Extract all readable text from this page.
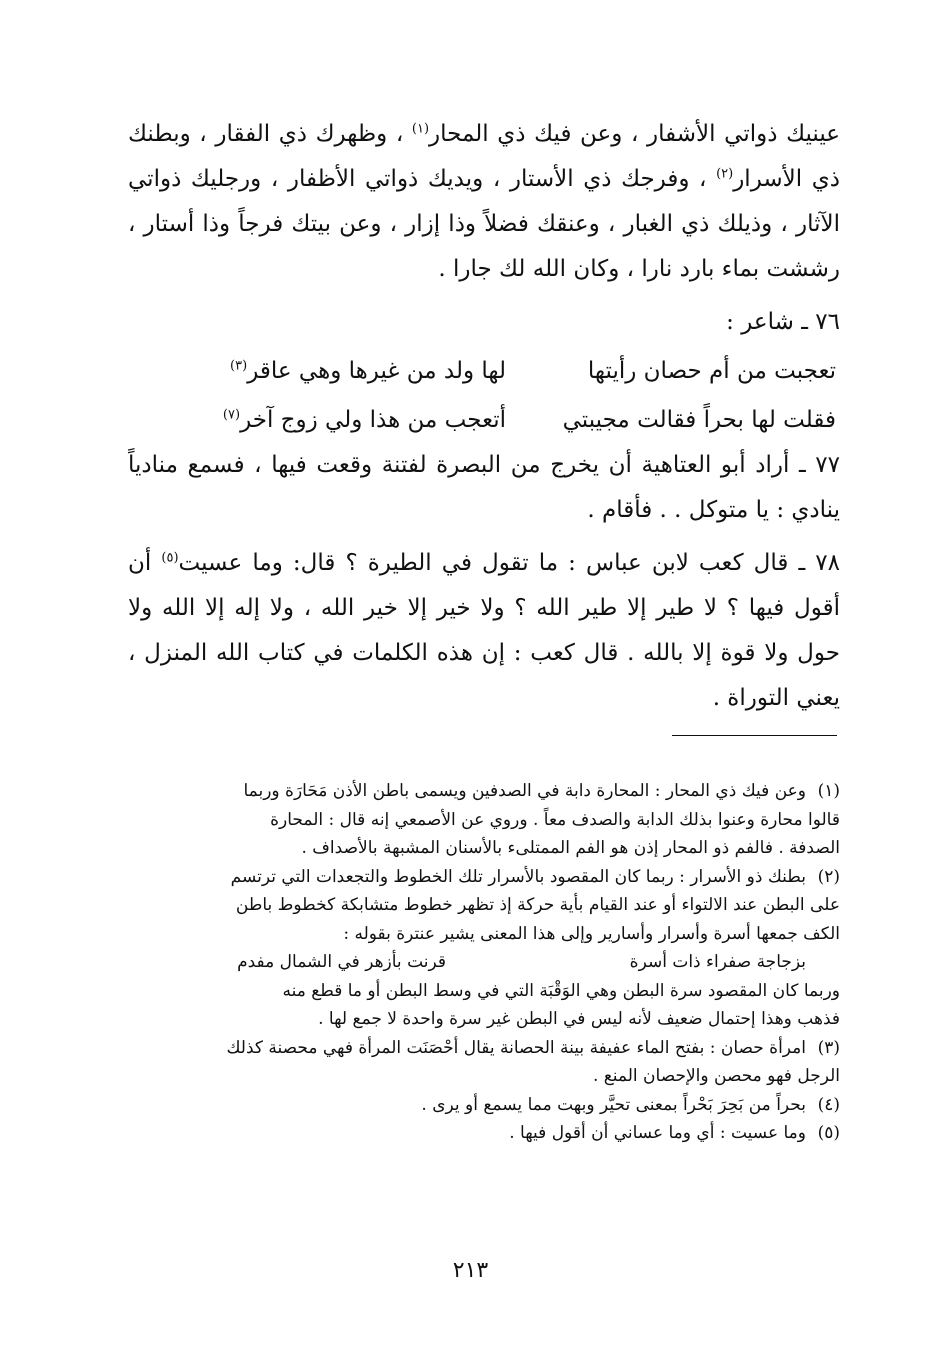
عينيك ذواتي الأشفار ، وعن فيك ذي المحار$^{(١)}$ ، وظهرك ذي الفقار ، وبطنك ذي الأسرار$^{(٢)}$ ، وفرجك ذي الأستار ، ويديك ذواتي الأظفار ، ورجليك ذواتي الآثار ، وذيلك ذي الغبار ، وعنقك فضلاً وذا إزار ، وعن بيتك فرجاً وذا أستار ، رششت بماء بارد نارا ، وكان الله لك جارا .

٧٦ ـ شاعر :

تعجبت من أم حصان رأيتها
لها ولد من غيرها وهي عاقر$^{(٣)}$
فقلت لها بحراً فقالت مجيبتي
أتعجب من هذا ولي زوج آخر$^{(٧)}$

٧٧ ـ أراد أبو العتاهية أن يخرج من البصرة لفتنة وقعت فيها ، فسمع منادياً ينادي : يا متوكل . . فأقام .

٧٨ ـ قال كعب لابن عباس : ما تقول في الطيرة ؟ قال: وما عسيت$^{(٥)}$ أن أقول فيها ؟ لا طير إلا طير الله ؟ ولا خير إلا خير الله ، ولا إله إلا الله ولا حول ولا قوة إلا بالله . قال كعب : إن هذه الكلمات في كتاب الله المنزل ، يعني التوراة .

(١)وعن فيك ذي المحار : المحارة دابة في الصدفين ويسمى باطن الأذن مَحَارَة وربما

قالوا محارة وعنوا بذلك الدابة والصدف معاً . وروي عن الأصمعي إنه قال : المحارة

الصدفة . فالفم ذو المحار إذن هو الفم الممتلىء بالأسنان المشبهة بالأصداف .

(٢)بطنك ذو الأسرار : ربما كان المقصود بالأسرار تلك الخطوط والتجعدات التي ترتسم

على البطن عند الالتواء أو عند القيام بأية حركة إذ تظهر خطوط متشابكة كخطوط باطن

الكف جمعها أسرة وأسرار وأسارير وإلى هذا المعنى يشير عنترة بقوله :

بزجاجة صفراء ذات أسرة
قرنت بأزهر في الشمال مفدم

وربما كان المقصود سرة البطن وهي الوَقْبَة التي في وسط البطن أو ما قطع منه

فذهب وهذا إحتمال ضعيف لأنه ليس في البطن غير سرة واحدة لا جمع لها .

(٣)امرأة حصان : بفتح الماء عفيفة بينة الحصانة يقال أحْصَنَت المرأة فهي محصنة كذلك

الرجل فهو محصن والإحصان المنع .

(٤)بحراً من بَحِرَ بَحْراً بمعنى تحيَّر وبهت مما يسمع أو يرى .

(٥)وما عسيت : أي وما عساني أن أقول فيها .

٢١٣
